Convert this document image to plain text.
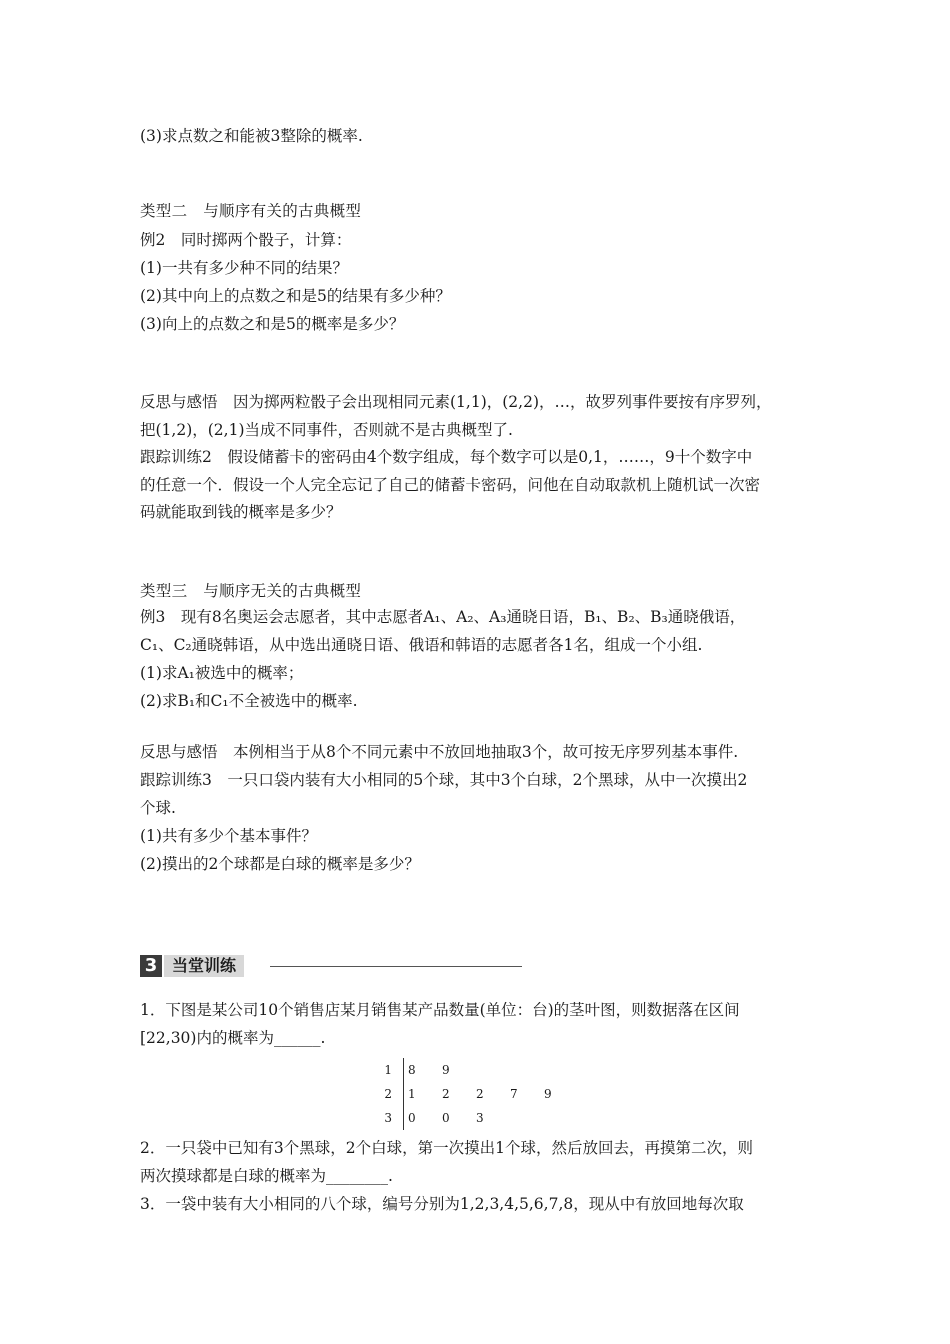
(3)求点数之和能被3整除的概率.
类型二　与顺序有关的古典概型
例2　同时掷两个骰子，计算：
(1)一共有多少种不同的结果？
(2)其中向上的点数之和是5的结果有多少种？
(3)向上的点数之和是5的概率是多少？
反思与感悟　因为掷两粒骰子会出现相同元素(1,1)，(2,2)，…，故罗列事件要按有序罗列，
把(1,2)，(2,1)当成不同事件，否则就不是古典概型了.
跟踪训练2　假设储蓄卡的密码由4个数字组成，每个数字可以是0,1，……，9十个数字中
的任意一个．假设一个人完全忘记了自己的储蓄卡密码，问他在自动取款机上随机试一次密
码就能取到钱的概率是多少？
类型三　与顺序无关的古典概型
例3　现有8名奥运会志愿者，其中志愿者A₁、A₂、A₃通晓日语，B₁、B₂、B₃通晓俄语，
C₁、C₂通晓韩语，从中选出通晓日语、俄语和韩语的志愿者各1名，组成一个小组.
(1)求A₁被选中的概率；
(2)求B₁和C₁不全被选中的概率.
反思与感悟　本例相当于从8个不同元素中不放回地抽取3个，故可按无序罗列基本事件.
跟踪训练3　一只口袋内装有大小相同的5个球，其中3个白球，2个黑球，从中一次摸出2
个球.
(1)共有多少个基本事件？
(2)摸出的2个球都是白球的概率是多少？
3 当堂训练
1．下图是某公司10个销售店某月销售某产品数量(单位：台)的茎叶图，则数据落在区间
[22,30)内的概率为______.
1 8 9
2 1 2 2 7 9
3 0 0 3
2．一只袋中已知有3个黑球，2个白球，第一次摸出1个球，然后放回去，再摸第二次，则
两次摸球都是白球的概率为________.
3．一袋中装有大小相同的八个球，编号分别为1,2,3,4,5,6,7,8，现从中有放回地每次取
